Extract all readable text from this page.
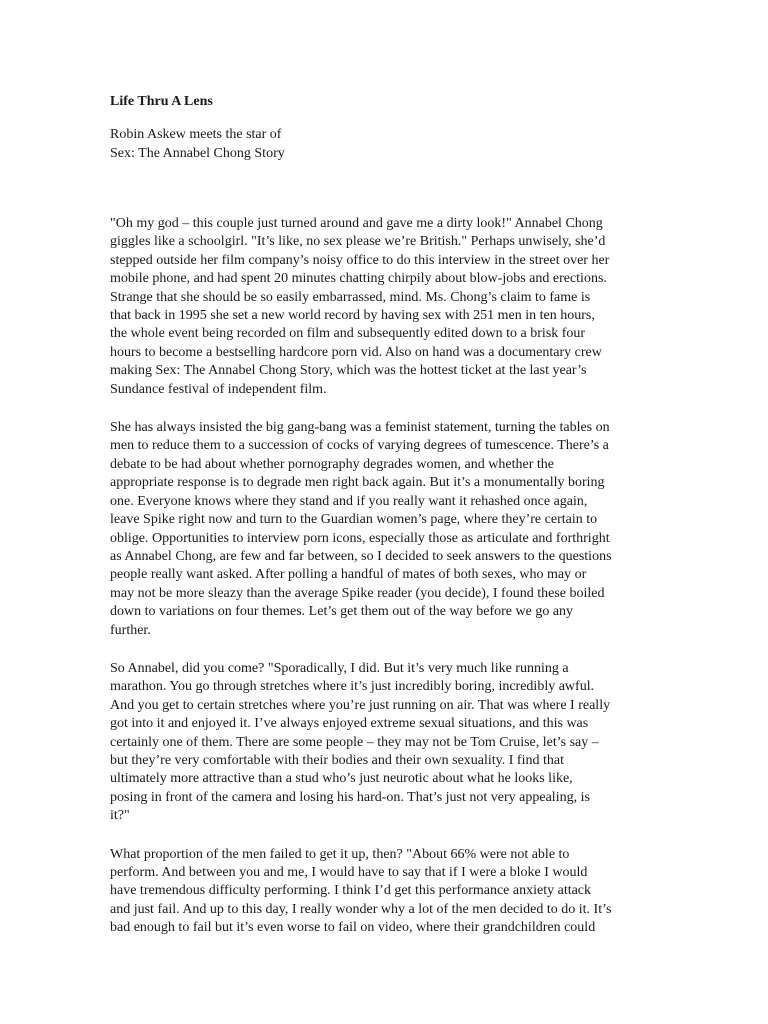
Life Thru A Lens

Robin Askew meets the star of
Sex: The Annabel Chong Story

"Oh my god – this couple just turned around and gave me a dirty look!" Annabel Chong
giggles like a schoolgirl. "It’s like, no sex please we’re British." Perhaps unwisely, she’d
stepped outside her film company’s noisy office to do this interview in the street over her
mobile phone, and had spent 20 minutes chatting chirpily about blow-jobs and erections.
Strange that she should be so easily embarrassed, mind. Ms. Chong’s claim to fame is
that back in 1995 she set a new world record by having sex with 251 men in ten hours,
the whole event being recorded on film and subsequently edited down to a brisk four
hours to become a bestselling hardcore porn vid. Also on hand was a documentary crew
making Sex: The Annabel Chong Story, which was the hottest ticket at the last year’s
Sundance festival of independent film.

She has always insisted the big gang-bang was a feminist statement, turning the tables on
men to reduce them to a succession of cocks of varying degrees of tumescence. There’s a
debate to be had about whether pornography degrades women, and whether the
appropriate response is to degrade men right back again. But it’s a monumentally boring
one. Everyone knows where they stand and if you really want it rehashed once again,
leave Spike right now and turn to the Guardian women’s page, where they’re certain to
oblige. Opportunities to interview porn icons, especially those as articulate and forthright
as Annabel Chong, are few and far between, so I decided to seek answers to the questions
people really want asked. After polling a handful of mates of both sexes, who may or
may not be more sleazy than the average Spike reader (you decide), I found these boiled
down to variations on four themes. Let’s get them out of the way before we go any
further.

So Annabel, did you come? "Sporadically, I did. But it’s very much like running a
marathon. You go through stretches where it’s just incredibly boring, incredibly awful.
And you get to certain stretches where you’re just running on air. That was where I really
got into it and enjoyed it. I’ve always enjoyed extreme sexual situations, and this was
certainly one of them. There are some people – they may not be Tom Cruise, let’s say –
but they’re very comfortable with their bodies and their own sexuality. I find that
ultimately more attractive than a stud who’s just neurotic about what he looks like,
posing in front of the camera and losing his hard-on. That’s just not very appealing, is
it?"

What proportion of the men failed to get it up, then? "About 66% were not able to
perform. And between you and me, I would have to say that if I were a bloke I would
have tremendous difficulty performing. I think I’d get this performance anxiety attack
and just fail. And up to this day, I really wonder why a lot of the men decided to do it. It’s
bad enough to fail but it’s even worse to fail on video, where their grandchildren could
